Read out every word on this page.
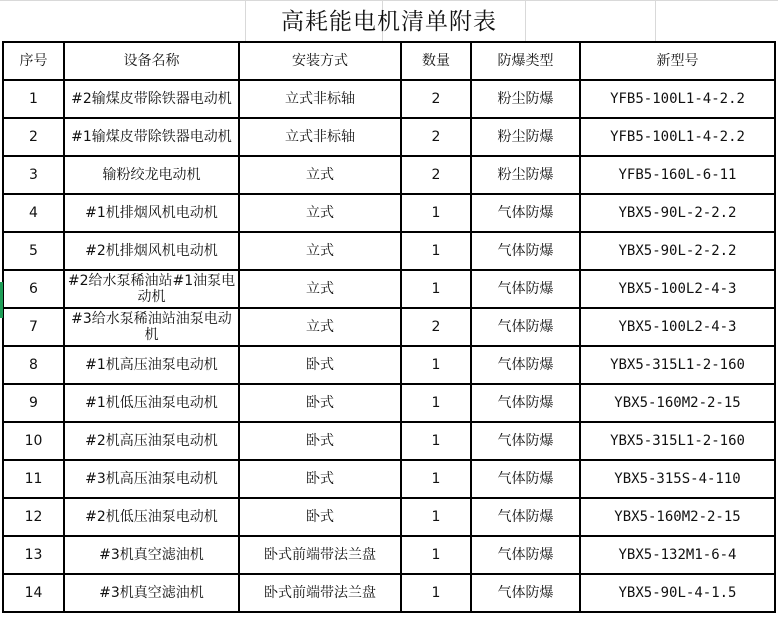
高耗能电机清单附表
序号	设备名称	安装方式	数量	防爆类型	新型号
1	#2输煤皮带除铁器电动机	立式非标轴	2	粉尘防爆	YFB5-100L1-4-2.2
2	#1输煤皮带除铁器电动机	立式非标轴	2	粉尘防爆	YFB5-100L1-4-2.2
3	输粉绞龙电动机	立式	2	粉尘防爆	YFB5-160L-6-11
4	#1机排烟风机电动机	立式	1	气体防爆	YBX5-90L-2-2.2
5	#2机排烟风机电动机	立式	1	气体防爆	YBX5-90L-2-2.2
6	#2给水泵稀油站#1油泵电动机	立式	1	气体防爆	YBX5-100L2-4-3
7	#3给水泵稀油站油泵电动机	立式	2	气体防爆	YBX5-100L2-4-3
8	#1机高压油泵电动机	卧式	1	气体防爆	YBX5-315L1-2-160
9	#1机低压油泵电动机	卧式	1	气体防爆	YBX5-160M2-2-15
10	#2机高压油泵电动机	卧式	1	气体防爆	YBX5-315L1-2-160
11	#3机高压油泵电动机	卧式	1	气体防爆	YBX5-315S-4-110
12	#2机低压油泵电动机	卧式	1	气体防爆	YBX5-160M2-2-15
13	#3机真空滤油机	卧式前端带法兰盘	1	气体防爆	YBX5-132M1-6-4
14	#3机真空滤油机	卧式前端带法兰盘	1	气体防爆	YBX5-90L-4-1.5
